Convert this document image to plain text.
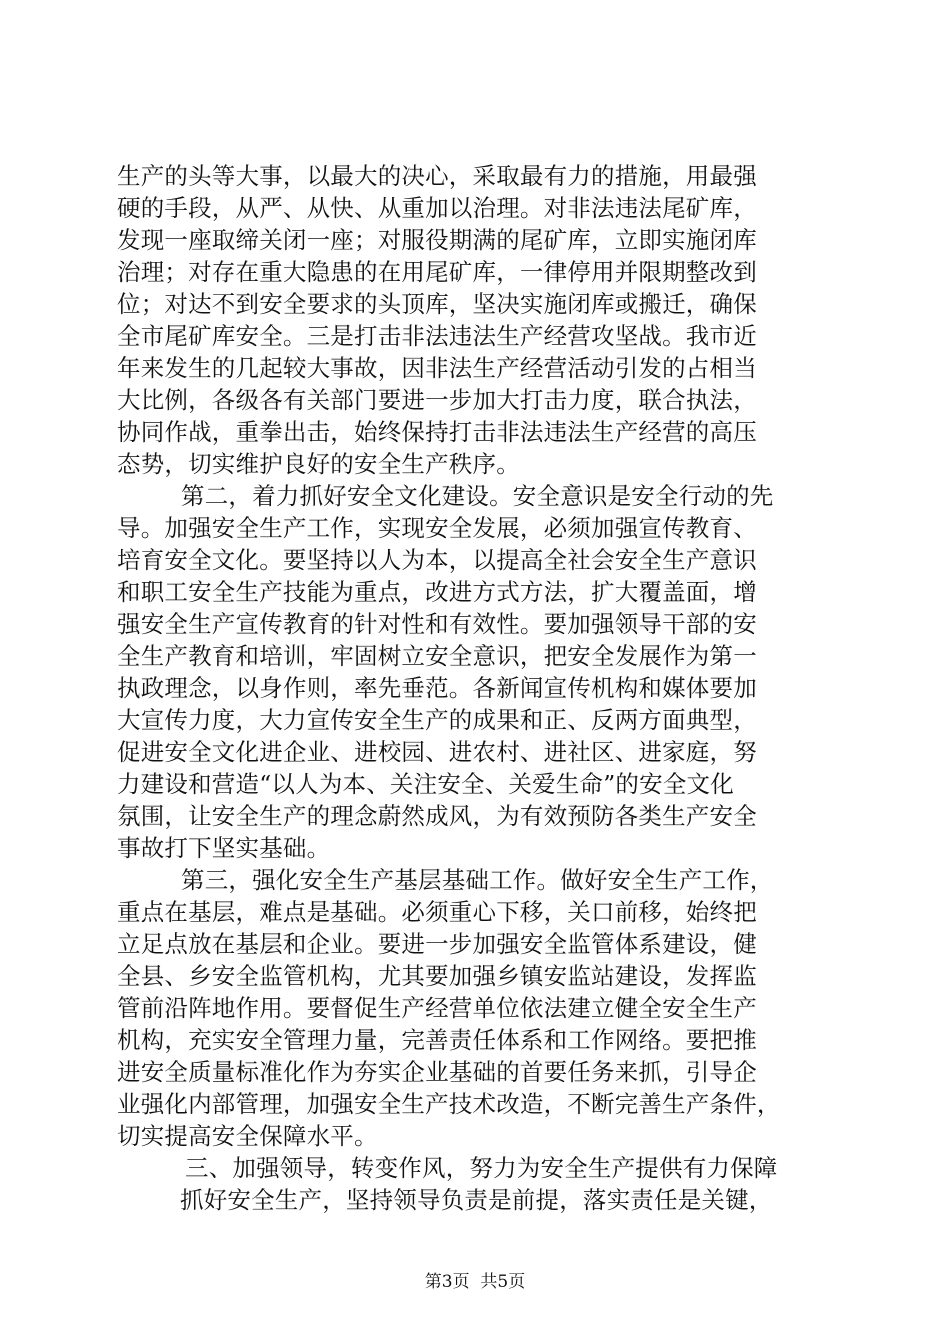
生产的头等大事，以最大的决心，采取最有力的措施，用最强
硬的手段，从严、从快、从重加以治理。对非法违法尾矿库，
发现一座取缔关闭一座；对服役期满的尾矿库，立即实施闭库
治理；对存在重大隐患的在用尾矿库，一律停用并限期整改到
位；对达不到安全要求的头顶库，坚决实施闭库或搬迁，确保
全市尾矿库安全。三是打击非法违法生产经营攻坚战。我市近
年来发生的几起较大事故，因非法生产经营活动引发的占相当
大比例，各级各有关部门要进一步加大打击力度，联合执法，
协同作战，重拳出击，始终保持打击非法违法生产经营的高压
态势，切实维护良好的安全生产秩序。
第二，着力抓好安全文化建设。安全意识是安全行动的先
导。加强安全生产工作，实现安全发展，必须加强宣传教育、
培育安全文化。要坚持以人为本，以提高全社会安全生产意识
和职工安全生产技能为重点，改进方式方法，扩大覆盖面，增
强安全生产宣传教育的针对性和有效性。要加强领导干部的安
全生产教育和培训，牢固树立安全意识，把安全发展作为第一
执政理念，以身作则，率先垂范。各新闻宣传机构和媒体要加
大宣传力度，大力宣传安全生产的成果和正、反两方面典型，
促进安全文化进企业、进校园、进农村、进社区、进家庭，努
力建设和营造“以人为本、关注安全、关爱生命”的安全文化
氛围，让安全生产的理念蔚然成风，为有效预防各类生产安全
事故打下坚实基础。
第三，强化安全生产基层基础工作。做好安全生产工作，
重点在基层，难点是基础。必须重心下移，关口前移，始终把
立足点放在基层和企业。要进一步加强安全监管体系建设，健
全县、乡安全监管机构，尤其要加强乡镇安监站建设，发挥监
管前沿阵地作用。要督促生产经营单位依法建立健全安全生产
机构，充实安全管理力量，完善责任体系和工作网络。要把推
进安全质量标准化作为夯实企业基础的首要任务来抓，引导企
业强化内部管理，加强安全生产技术改造，不断完善生产条件，
切实提高安全保障水平。
三、加强领导，转变作风，努力为安全生产提供有力保障
抓好安全生产，坚持领导负责是前提，落实责任是关键，
第3页  共5页
